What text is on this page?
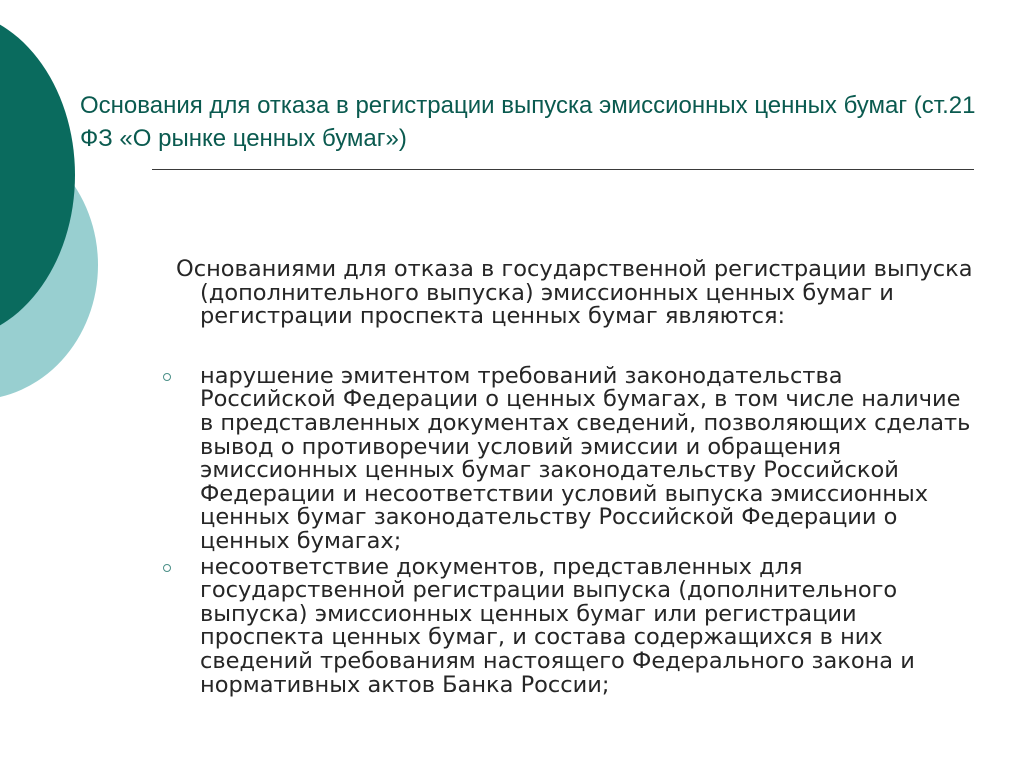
Основания для отказа в регистрации выпуска эмиссионных ценных бумаг (ст.21 ФЗ «О рынке ценных бумаг»)

Основаниями для отказа в государственной регистрации выпуска (дополнительного выпуска) эмиссионных ценных бумаг и регистрации проспекта ценных бумаг являются:

нарушение эмитентом требований законодательства Российской Федерации о ценных бумагах, в том числе наличие в представленных документах сведений, позволяющих сделать вывод о противоречии условий эмиссии и обращения эмиссионных ценных бумаг законодательству Российской Федерации и несоответствии условий выпуска эмиссионных ценных бумаг законодательству Российской Федерации о ценных бумагах;
несоответствие документов, представленных для государственной регистрации выпуска (дополнительного выпуска) эмиссионных ценных бумаг или регистрации проспекта ценных бумаг, и состава содержащихся в них сведений требованиям настоящего Федерального закона и нормативных актов Банка России;
